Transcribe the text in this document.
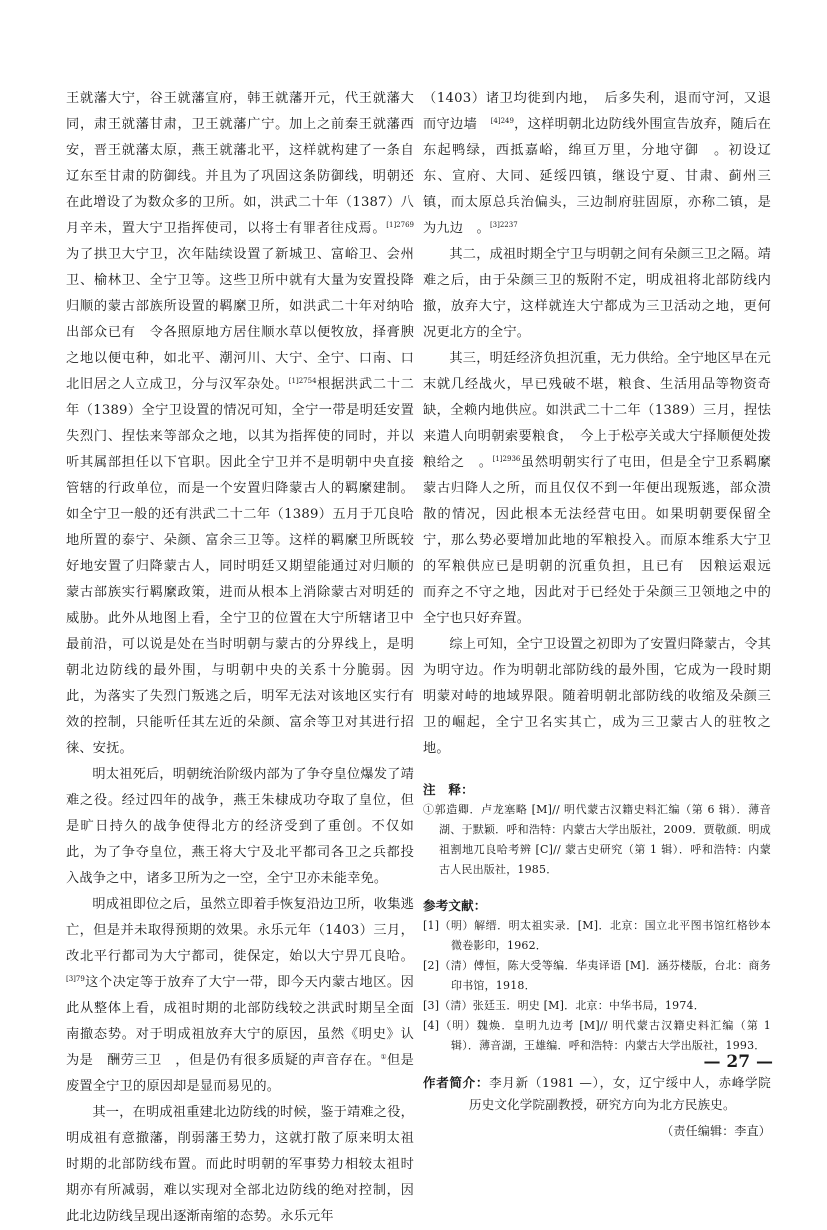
王就藩大宁，谷王就藩宣府，韩王就藩开元，代王就藩大同，肃王就藩甘肃，卫王就藩广宁。加上之前秦王就藩西安，晋王就藩太原，燕王就藩北平，这样就构建了一条自辽东至甘肃的防御线。并且为了巩固这条防御线，明朝还在此增设了为数众多的卫所。如，洪武二十年（1387）八月辛未，置大宁卫指挥使司，以将士有罪者往戍焉。$^{[1]2769}$为了拱卫大宁卫，次年陆续设置了新城卫、富峪卫、会州卫、榆林卫、全宁卫等。这些卫所中就有大量为安置投降归顺的蒙古部族所设置的羁縻卫所，如洪武二十年对纳哈出部众已有　令各照原地方居住顺水草以便牧放，择膏腴之地以便屯种，如北平、潮河川、大宁、全宁、口南、口北旧居之人立成卫，分与汉军杂处。$^{[1]2754}$根据洪武二十二年（1389）全宁卫设置的情况可知，全宁一带是明廷安置失烈门、捏怯来等部众之地，以其为指挥使的同时，并以听其属部担任以下官职。因此全宁卫并不是明朝中央直接管辖的行政单位，而是一个安置归降蒙古人的羁縻建制。如全宁卫一般的还有洪武二十二年（1389）五月于兀良哈地所置的泰宁、朵颜、富余三卫等。这样的羁縻卫所既较好地安置了归降蒙古人，同时明廷又期望能通过对归顺的蒙古部族实行羁縻政策，进而从根本上消除蒙古对明廷的威胁。此外从地图上看，全宁卫的位置在大宁所辖诸卫中最前沿，可以说是处在当时明朝与蒙古的分界线上，是明朝北边防线的最外围，与明朝中央的关系十分脆弱。因此，为落实了失烈门叛逃之后，明军无法对该地区实行有效的控制，只能听任其左近的朵颜、富余等卫对其进行招徕、安抚。

明太祖死后，明朝统治阶级内部为了争夺皇位爆发了靖难之役。经过四年的战争，燕王朱棣成功夺取了皇位，但是旷日持久的战争使得北方的经济受到了重创。不仅如此，为了争夺皇位，燕王将大宁及北平都司各卫之兵都投入战争之中，诸多卫所为之一空，全宁卫亦未能幸免。

明成祖即位之后，虽然立即着手恢复沿边卫所，收集逃亡，但是并未取得预期的效果。永乐元年（1403）三月，改北平行都司为大宁都司，徙保定，始以大宁畀兀良哈。$^{[3]79}$这个决定等于放弃了大宁一带，即今天内蒙古地区。因此从整体上看，成祖时期的北部防线较之洪武时期呈全面南撤态势。对于明成祖放弃大宁的原因，虽然《明史》认为是　酬劳三卫　，但是仍有很多质疑的声音存在。①但是废置全宁卫的原因却是显而易见的。

其一，在明成祖重建北边防线的时候，鉴于靖难之役，明成祖有意撤藩，削弱藩王势力，这就打散了原来明太祖时期的北部防线布置。而此时明朝的军事势力相较太祖时期亦有所减弱，难以实现对全部北边防线的绝对控制，因此北边防线呈现出逐渐南缩的态势。永乐元年

（1403）诸卫均徙到内地，　后多失利，退而守河，又退而守边墙　$^{[4]249}$，这样明朝北边防线外围宣告放弃，随后在东起鸭绿，西抵嘉峪，绵亘万里，分地守御　。初设辽东、宣府、大同、延绥四镇，继设宁夏、甘肃、蓟州三镇，而太原总兵治偏头，三边制府驻固原，亦称二镇，是为九边　。$^{[3]2237}$

其二，成祖时期全宁卫与明朝之间有朵颜三卫之隔。靖难之后，由于朵颜三卫的叛附不定，明成祖将北部防线内撤，放弃大宁，这样就连大宁都成为三卫活动之地，更何况更北方的全宁。

其三，明廷经济负担沉重，无力供给。全宁地区早在元末就几经战火，早已残破不堪，粮食、生活用品等物资奇缺，全赖内地供应。如洪武二十二年（1389）三月，捏怯来遣人向明朝索要粮食，　今上于松亭关或大宁择顺便处拨粮给之　。$^{[1]2936}$虽然明朝实行了屯田，但是全宁卫系羁縻蒙古归降人之所，而且仅仅不到一年便出现叛逃，部众溃散的情况，因此根本无法经营屯田。如果明朝要保留全宁，那么势必要增加此地的军粮投入。而原本维系大宁卫的军粮供应已是明朝的沉重负担，且已有　因粮运艰远　而弃之不守之地，因此对于已经处于朵颜三卫领地之中的全宁也只好弃置。

综上可知，全宁卫设置之初即为了安置归降蒙古，令其为明守边。作为明朝北部防线的最外围，它成为一段时期明蒙对峙的地域界限。随着明朝北部防线的收缩及朵颜三卫的崛起，全宁卫名实其亡，成为三卫蒙古人的驻牧之地。

注　释：
①郭造卿．卢龙塞略 [M]// 明代蒙古汉籍史料汇编（第 6 辑）．薄音湖、于默颖．呼和浩特：内蒙古大学出版社，2009．贾敬颜．明成祖割地兀良哈考辨 [C]// 蒙古史研究（第 1 辑）．呼和浩特：内蒙古人民出版社，1985．
参考文献：
[1]（明）解缙．明太祖实录．[M]．北京：国立北平图书馆红格钞本微卷影印，1962．
[2]（清）傅恒，陈大受等编．华夷译语 [M]．涵芬楼版，台北：商务印书馆，1918．
[3]（清）张廷玉．明史 [M]．北京：中华书局，1974．
[4]（明）魏焕．皇明九边考 [M]// 明代蒙古汉籍史料汇编（第 1 辑）．薄音湖，王雄编．呼和浩特：内蒙古大学出版社，1993．
作者简介：李月新（1981 —），女，辽宁绥中人，赤峰学院历史文化学院副教授，研究方向为北方民族史。
（责任编辑：李直）
— 27 —
